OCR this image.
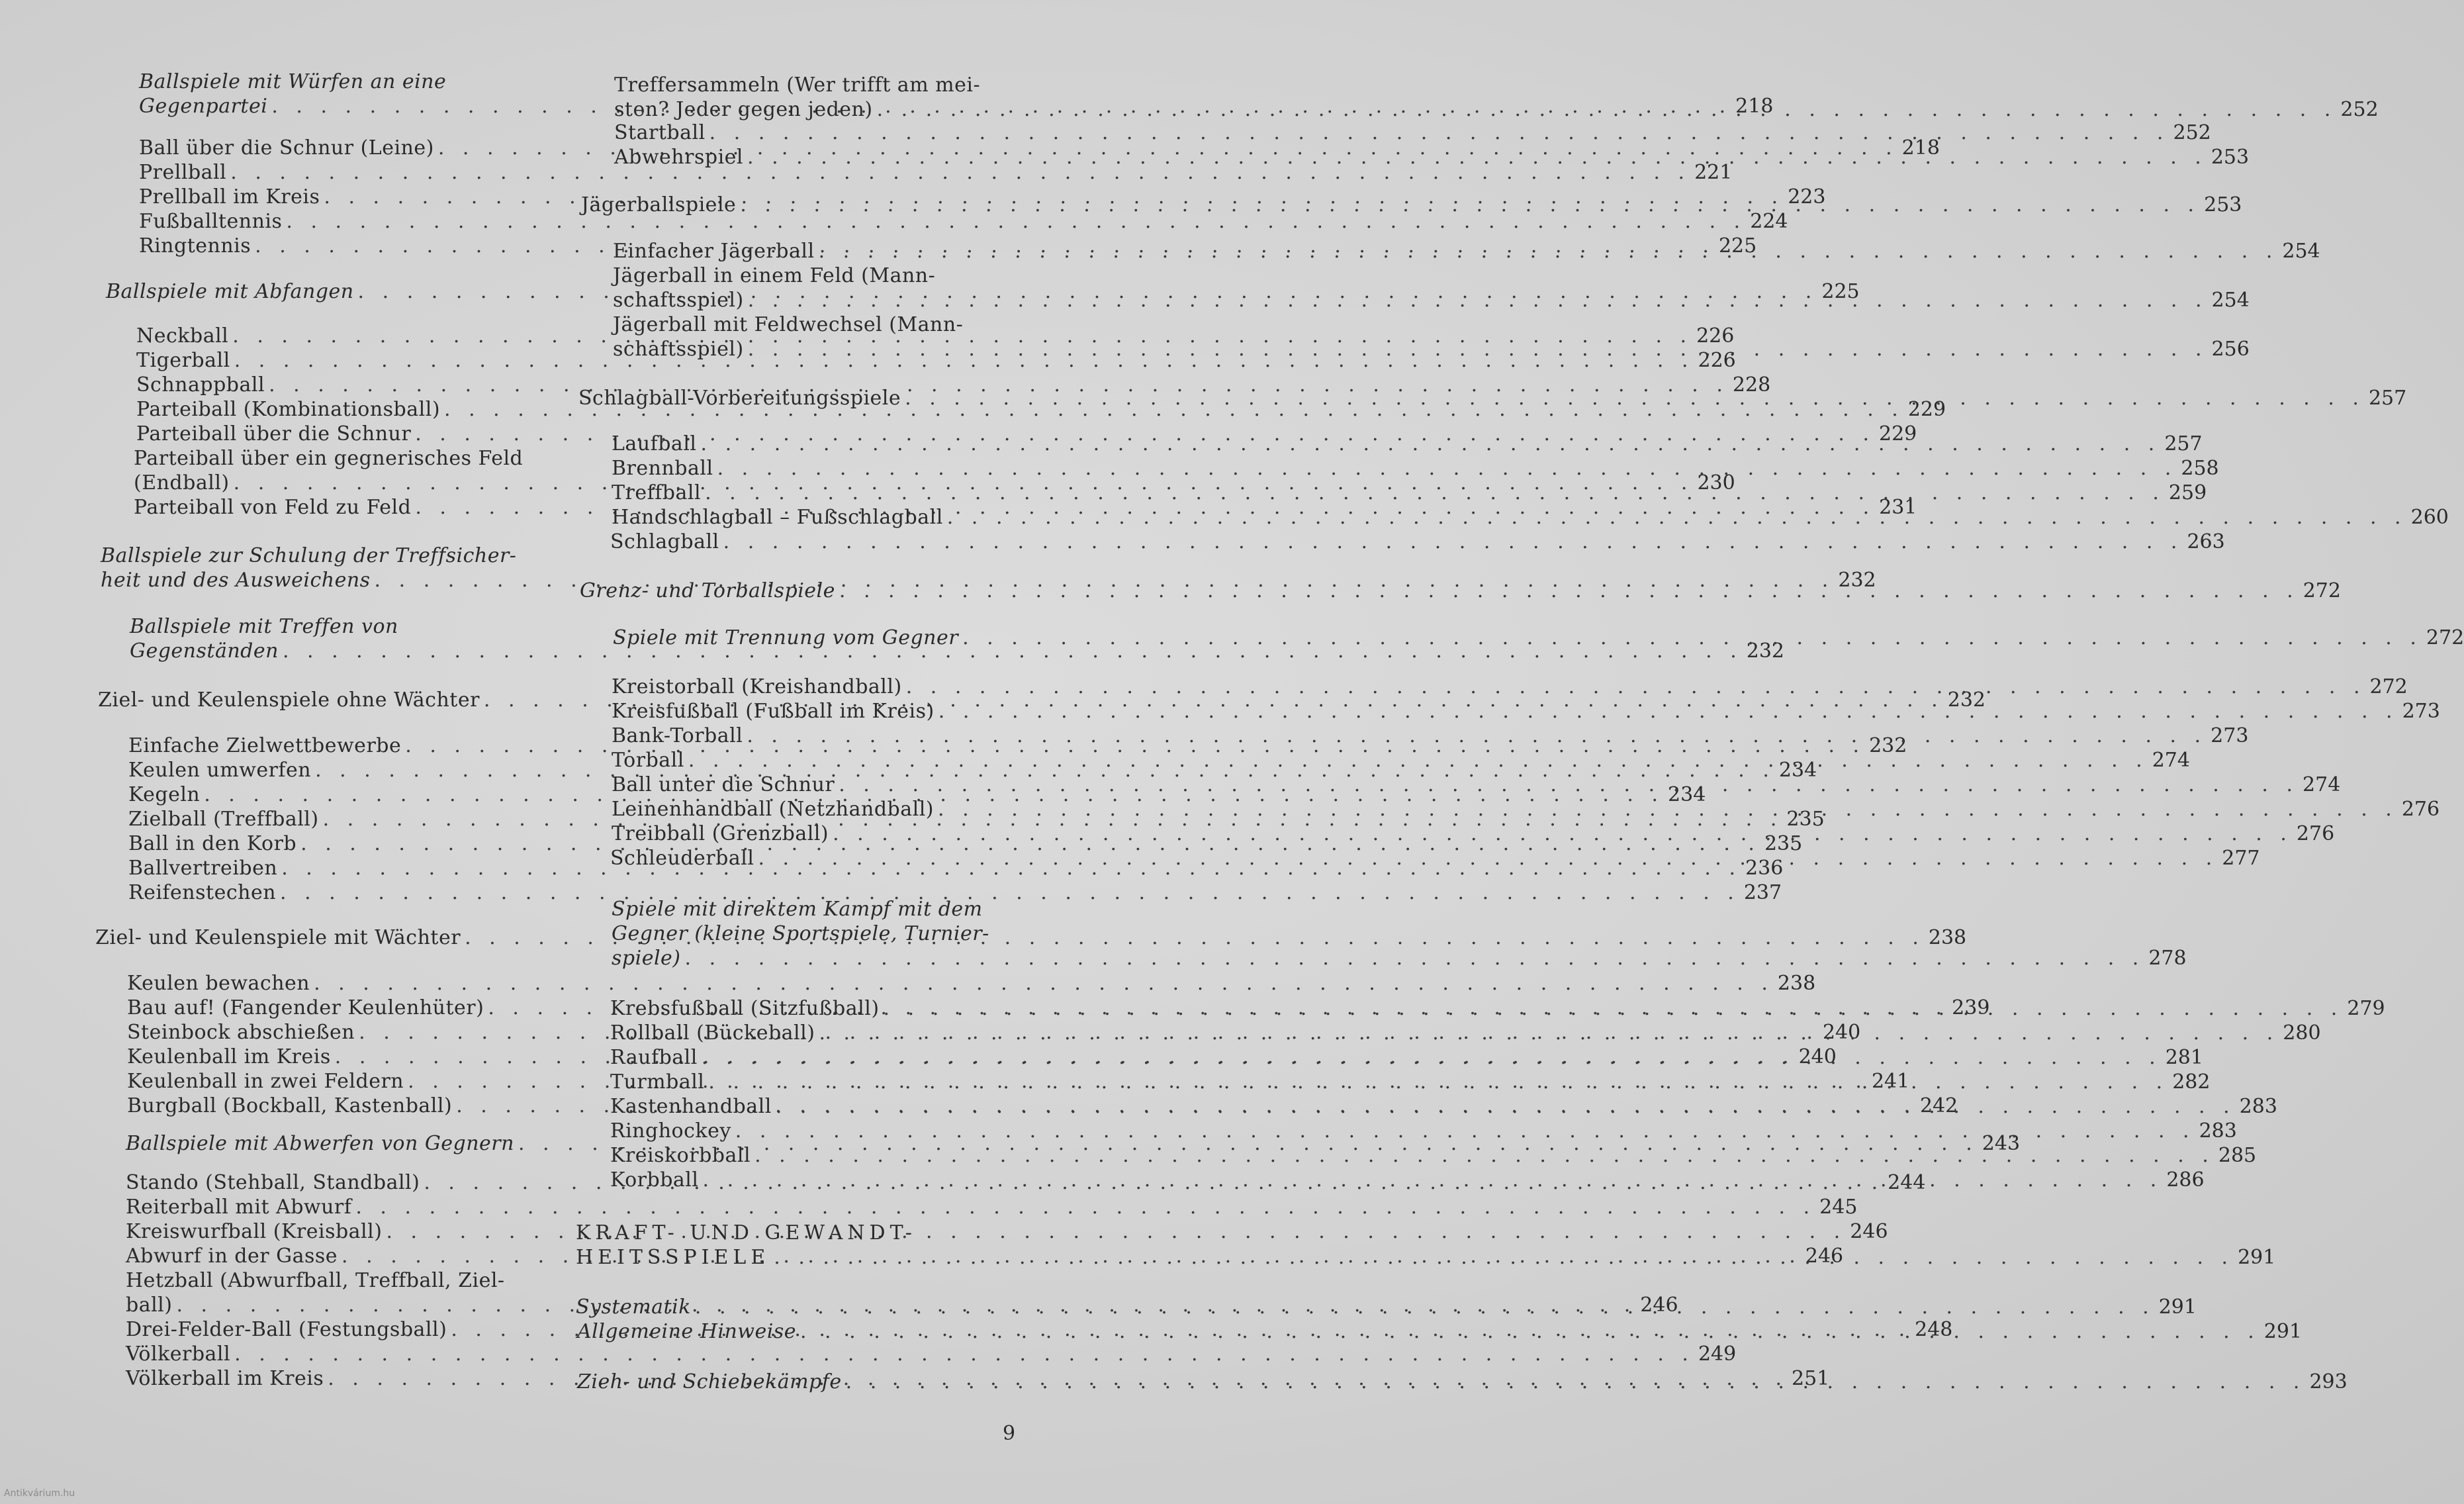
Ballspiele mit Würfen an eine
Gegenpartei . . .	218
Ball über die Schnur (Leine) . . .	218
Prellball . . .	221
Prellball im Kreis . . .	223
Fußballtennis . . .	224
Ringtennis . . .	225
Ballspiele mit Abfangen . . .	225
Neckball . . .	226
Tigerball . . .	226
Schnappball . . .	228
Parteiball (Kombinationsball) . . .	229
Parteiball über die Schnur . . .	229
Parteiball über ein gegnerisches Feld
(Endball) . . .	230
Parteiball von Feld zu Feld . . .	231
Ballspiele zur Schulung der Treffsicher-
heit und des Ausweichens . . .	232
Ballspiele mit Treffen von
Gegenständen . . .	232
Ziel- und Keulenspiele ohne Wächter . . .	232
Einfache Zielwettbewerbe . . .	232
Keulen umwerfen . . .	234
Kegeln . . .	234
Zielball (Treffball) . . .	235
Ball in den Korb . . .	235
Ballvertreiben . . .	236
Reifenstechen . . .	237
Ziel- und Keulenspiele mit Wächter . . .	238
Keulen bewachen . . .	238
Bau auf! (Fangender Keulenhüter) . . .	239
Steinbock abschießen . . .	240
Keulenball im Kreis . . .	240
Keulenball in zwei Feldern . . .	241
Burgball (Bockball, Kastenball) . . .	242
Ballspiele mit Abwerfen von Gegnern . . .	243
Stando (Stehball, Standball) . . .	244
Reiterball mit Abwurf . . .	245
Kreiswurfball (Kreisball) . . .	246
Abwurf in der Gasse . . .	246
Hetzball (Abwurfball, Treffball, Ziel-
ball) . . .	246
Drei-Felder-Ball (Festungsball) . . .	248
Völkerball . . .	249
Völkerball im Kreis . . .	251
Treffersammeln (Wer trifft am mei-
sten? Jeder gegen jeden) . . .	252
Startball . . .	252
Abwehrspiel . . .	253
Jägerballspiele . . .	253
Einfacher Jägerball . . .	254
Jägerball in einem Feld (Mann-
schaftsspiel) . . .	254
Jägerball mit Feldwechsel (Mann-
schaftsspiel) . . .	256
Schlagball-Vorbereitungsspiele . . .	257
Laufball . . .	257
Brennball . . .	258
Treffball . . .	259
Handschlagball – Fußschlagball . . .	260
Schlagball . . .	263
Grenz- und Torballspiele . . .	272
Spiele mit Trennung vom Gegner . . .	272
Kreistorball (Kreishandball) . . .	272
Kreisfußball (Fußball im Kreis) . . .	273
Bank-Torball . . .	273
Torball . . .	274
Ball unter die Schnur . . .	274
Leinenhandball (Netzhandball) . . .	276
Treibball (Grenzball) . . .	276
Schleuderball . . .	277
Spiele mit direktem Kampf mit dem
Gegner (kleine Sportspiele, Turnier-
spiele) . . .	278
Krebsfußball (Sitzfußball) . . .	279
Rollball (Bückeball) . . .	280
Raufball . . .	281
Turmball . . .	282
Kastenhandball . . .	283
Ringhockey . . .	283
Kreiskorbball . . .	285
Korbball . . .	286
KRAFT- UND GEWANDT-
HEITSSPIELE . . .	291
Systematik . . .	291
Allgemeine Hinweise . . .	291
Zieh- und Schiebekämpfe . . .	293
9
Antikvárium.hu
